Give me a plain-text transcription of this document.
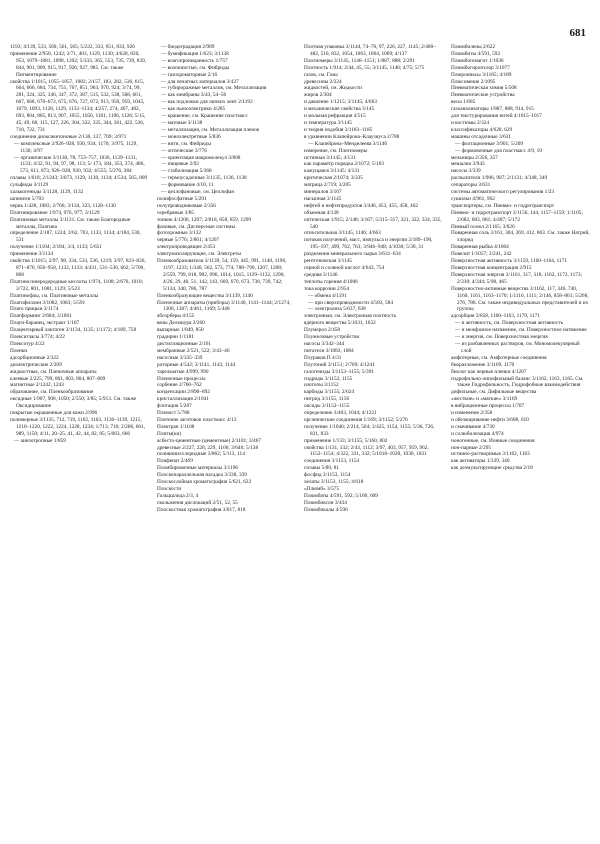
681

1193; 4/139, 533, 560, 561, 565; 5/222, 333, 651, 833, 926

применение 2/950, 1242; 3/71, 403, 1129, 1130; 4/628, 820, 953, 1079–1081, 1098, 1202; 5/333, 365, 553, 735, 739, 839, 844, 901, 909, 915, 917, 926, 927, 985. См. также Пигментирование

свойства 1/1015, 1055–1057, 1082; 2/157, 183, 282, 536, 615, 664, 666, 684, 734, 751, 767, 851, 963, 970, 924; 3/74, 99, 281, 324, 325, 346, 347, 372, 387, 515, 532, 538, 568, 661, 667, 668, 670–672, 675, 676, 727, 872, 913, 950, 959, 1045, 1079, 1093, 1128, 1129, 1132–1134; 4/257, 274, 467, 482, 693, 804, 805, 813, 907, 1055, 1056, 1101, 1106, 1126; 5/15, 45, 49, 68, 115, 127, 226, 304, 332, 335, 344, 361, 422, 536, 710, 722, 731

соединения диоксикетоновые 2/136, 137, 769; 3/971

— комплексные 2/926–928, 930, 934, 1170; 3/975, 1129, 1130; 4/97

— органические 3/1130, 78, 753–757, 1036, 1129–1131, 1133; 4/32, 91, 94, 97, 98, 113; 5/ 173, 184, 353, 374, 486, 573, 611, 873, 926–928, 930, 932; 4/555; 5/276, 384

сплавы 1/618; 2/1243; 3/873, 1129, 1130, 1134; 4/534, 565, 809

сульфиды 3/1129

халькогениды 3/1128, 1129, 1132

шпинели 5/703

чернь 1/428, 1083; 2/766; 3/134, 323, 1128–1130

Платинирование 1/974, 976, 977; 3/1129

Платиновые металлы 3/1131. См. также Благородные металлы, Платина

определение 2/187, 1224; 3/62, 703, 1133, 1134; 4/184, 530, 531

получение 1/1104; 2/184; 3/4, 1133; 5/651

применение 3/1134

свойства 1/1015; 2/97, 98, 334, 533, 536, 1219; 3/97, 823–826, 871–876, 956–958, 1132, 1133; 4/431, 531–536, 662; 5/700, 868

Платиносинеродородные кислоты 1/974, 1108; 2/676, 1018; 3/722, 801, 1081, 1129; 5/523

Платинофлы, см. Платиновые металлы

Платифиллин 3/1082, 1083; 5/591

Плато прицыи 3/1174

Платформинг 2/684; 3/1061

Плаун-баранец, экстракт 1/167

Плацентарный лактоген 3/1134, 1135; 1/1172; 4/189, 758

Плексигласы 3/774; 4/22

Плексотур 4/22

Пленки

адсорбционные 2/322

диэлектрические 2/209

жидкостные, см. Пленочные аппараты

клеевые 2/225, 799, 801, 803, 804, 807–809

магнитные 2/1242, 1243

образование, см. Пленкообразование

оксидные 1/907, 908, 1050; 2/550; 3/85; 5/913. См. также Оксидирование

покрытые окрашенные для кожи 2/996

полимерные 3/1135, 712, 719, 1102, 1103, 1136–1139, 1215, 1218–1220, 1222, 1224, 1228, 1234; 1/713, 716; 2/286, 601, 989, 1150; 4/11, 20–25, 41, 42, 44, 82, 85; 5/663, 666

— анизотропные 1/859

— биодеградация 2/989

— бумификация 1/623; 3/1138

— влагопроницаемость 1/757

— волокнистые, см. Фибриды

— газохроматорные 2/16

— для печатных материалов 3/437

— губироражные металлов, см. Металлизация

— как мембраны 3/43, 54–56

— как подложки для липких лент 2/1192

— как пьезоэлектрики 4/285

— крашение, см. Крашение пластмасс

— матовые 3/1138

— металлизация, см. Металлизация пленок

— моноэлектретные 5/836

— нити, см. Фибриды

— оптические 3/776

— ориентация макромолекул 3/808

— пищевые 2/92

— стабилизация 5/368

— термоусадочные 3/1135, 1136, 1138

— формование 4/10, 11

— целлофановые, см. Целлофан

полифосфатные 5/201

полупроводниковые 2/356

серебряные 3/85

тонкие 4/1206, 1207; 2/818, 858, 859, 1299

фазовые, см. Дисперсные системы

фотохромные 3/132

черные 5/776; 2/861; 4/1207

электропроводящие 2/453

электроизолирующие, см. Электреты

Пленкообразователи 3/1139, 54, 159, 445, 991, 1140, 1196, 1197, 1233; 1/340, 562, 573, 774, 788–790, 1207, 1208; 2/559, 799, 818, 982, 996, 1014, 1015, 1129–1132, 1296; 4/26, 29, 40, 51, 142, 143, 669, 670, 673, 738, 739, 742; 5/134, 340, 786, 787

Пленкообразующие вещества 3/1139, 1140

Пленочные аппараты (приборы) 3/1140, 1141–1144; 2/1274, 1306, 1307; 4/461, 1169; 5/448

абсорберы 4/155

вязы Делмиура 3/260

выпарные 1/849, 850

градирни 1/1181

дистилляционные 2/161

мембранные 2/521, 522; 3/43–46

насосные 3/335–339

роторные 4/542; 3/1141, 1143, 1144

тарельчатые 4/999, 990

Пленочные процессы

сорбение 2/760–762

конденсации 2/890–892

кристаллизация 2/1041

флотация 5/207

Пленост 5/788

Плетение заготовок пластмасс 4/13

Плектран 1/1108

Плиты(ки)

асбесто-цементные (цементные) 2/1101; 3/467

древесные 2/227, 228, 229, 1166; 3/646; 5/138

поливинилхлоридные 3/862; 5/113, 114

Плифенат 2/469

Пломбировочные материалы 3/1196

Плоскопараллельная насадка 3/338, 339

Плоскослойная хроматография 5/621, 622

Плоскости

Гольцшлида 2/3, 4

скольжения дислокаций 2/51, 52, 55

Плоскостная хроматография 3/817, 818

Плотная упаковка 3/1144, 74–76, 97, 226, 227, 1145; 2/480–482, 510, 832, 1054, 1063, 1064, 1069; 4/137

Плотномеры 3/1145, 1146–1151; 1/887, 888; 2/291

Плотность 1/914; 2/44, 45, 55; 3/1145, 1146; 4/75; 5/75

газов, см. Газы

древесины 2/224

жидкостей, см. Жидкости

жиров 2/304

и давление 1/1215; 3/1145; 4/663

и механические свойства 3/145

и мольная рефракция 4/515

и температура 3/1145

и теория подобия 3/1183–1185

в уравнении Клапейрона–Клаузиуса 2/788

— Клапейрона–Менделеева 3/1146

измерение, см. Плотномеры

истинная 3/1145; 4/131

как параметр порядка 2/1072; 5/103

кажущаяся 3/1145; 4/131

критическая 2/1074; 3/335

матрица 2/719; 3/205

минералов 3/167

насыпная 3/1145

нефтей и нефтепродуктов 3/446, 453, 455, 458, 462

объемная 4/138

оптическая 1/915; 2/148; 3/167; 5/315–317, 321, 322, 334, 335, 540

относительная 3/1145, 1146; 4/663

потоков излучений, масс, импульса и энергии 2/189–190, 195–197, 499, 762, 763; 3/946–948; 4/1030; 5/30, 31

разделения минерального сырья 3/631–634

рентгеновская 3/1145

серной и соляной кислот 4/643, 754

средняя 3/1146

теплоты горения 4/1006

тока коррозии 2/954

— обмена 4/1191

— при сверхпроводимости 4/583, 584

— электролиза 5/637, 638

электронная, см. Электронная плотность

ядерного вещества 5/1031, 1032

Плумерол 2/458

Плужеловые устройства

насосы 3/342–344

питатели 3/1083, 1084

Плураков П 4/31

Плутоний 3/1151; 2/769; 4/1241

галогениды 3/1153–1155; 5/391

гидриды 3/1152, 1155

изотопы 3/1152

карбиды 3/1155; 2/624

нитрид 3/1155, 1156

оксиды 3/1152–1155

определение 3/403, 1044; 4/1221

органические соединения 1/169; 3/1152; 5/276

получение 1/1046; 2/214, 564; 3/425, 1154, 1155; 5/36, 726, 831, 833

применение 1/133; 3/1155; 5/160, 802

свойства 1/131, 132; 2/43, 1112; 3/97, 403, 957, 959, 962, 1152–1154; 4/322, 331, 332; 5/1018–1020, 1030, 1031

соединения 3/1153, 1154

сплавы 5/80, 81

фосфид 3/1153, 1154

хелаты 3/1153, 1155; 4/618

«Плюмб» 3/575

Плюмбаты 4/591, 592; 5/160, 609

Плюмбиксон 3/434

Плюмбикалы 4/596

Плюмбилены 2/622

Плюмбиты 4/591, 592

Плюмбогемагит 1/1036

Плюмбогиропхлор 3/1077

Плюрониксы 3/1165; 4/189

Плюсовение 2/1095

Пневматическая химия 5/508

Пневматические устройства

весы 1/685

газоанализаторы 1/887, 888, 914, 915

для текстурирования нитей 4/1015–1017

и костюмы 2/324

классификаторы 4/628, 629

машины отсадочные 3/631

— флотационные 3/901; 5/209

— формовочные для пластмасс 4/9, 10

мельницы 2/356, 357

мешалки 3/943

насосы 3/339

распылители 1/906, 907; 2/1131; 4/348, 349

сепараторы 3/631

системы автоматического регулирования 1/23

сушилки 4/961, 962

транспортеры, см. Пневмо- и гидротранспорт

Пневмо- и гидротранспорт 3/1156, 144, 1157–1159; 1/1105; 2/682, 683, 881; 4/487; 5/172

Пневый осмол 2/1165; 3/826

Поваренная соль 3/161, 304, 369, 412, 803. См. также Натрий, хлорид

Поваренная рыбка 4/1004

Повелит 1/1057; 3/241, 242

Поверхностная активность 3/1159, 1160–1164, 1171

Поверхностная концентрация 2/915

Поверхностная энергия 3/1161, 317, 318, 1162, 1172, 1173; 2/318; 4/344; 5/98, 465

Поверхностно-активные вещества 3/1162, 117, 346, 740, 1160, 1161, 1163–1170; 1/1110, 1111; 2/146, 858–861; 5/268, 276, 786. См. также индивидуальных представителей и их группы

адсорбция 3/858, 1160–1163, 1170, 1171

— и активность, см. Поверхностная активность

— и межфазное натяжение, см. Поверхностное натяжение

— и энергия, см. Поверхностная энергия

— из разбавленных растворов, см. Мономолекулярный слой

амфотерные, см. Амфотерные соединения

биоразложение 3/1169, 1170

биолог как черные пленки 4/1207

гидрофильно-липофильный баланс 3/1162, 1163, 1165. См. также Гидрофильность, Гидрофобные взаимодействия

дифильные, см. Дифильные вещества

«жесткие» и «мягкие» 3/1169

в вибрационные процессы 1/707

и изменение 2/358

и обезжиривание нефти 3/608, 610

и смачивание 4/730

и солюбилизация 4/974

ионогенные, см. Ионные соединения

ион-парные 2/295

истинно-растворимые 3/1162, 1163

как активаторы 1/339, 340

как деэмульгирующие средства 2/18
